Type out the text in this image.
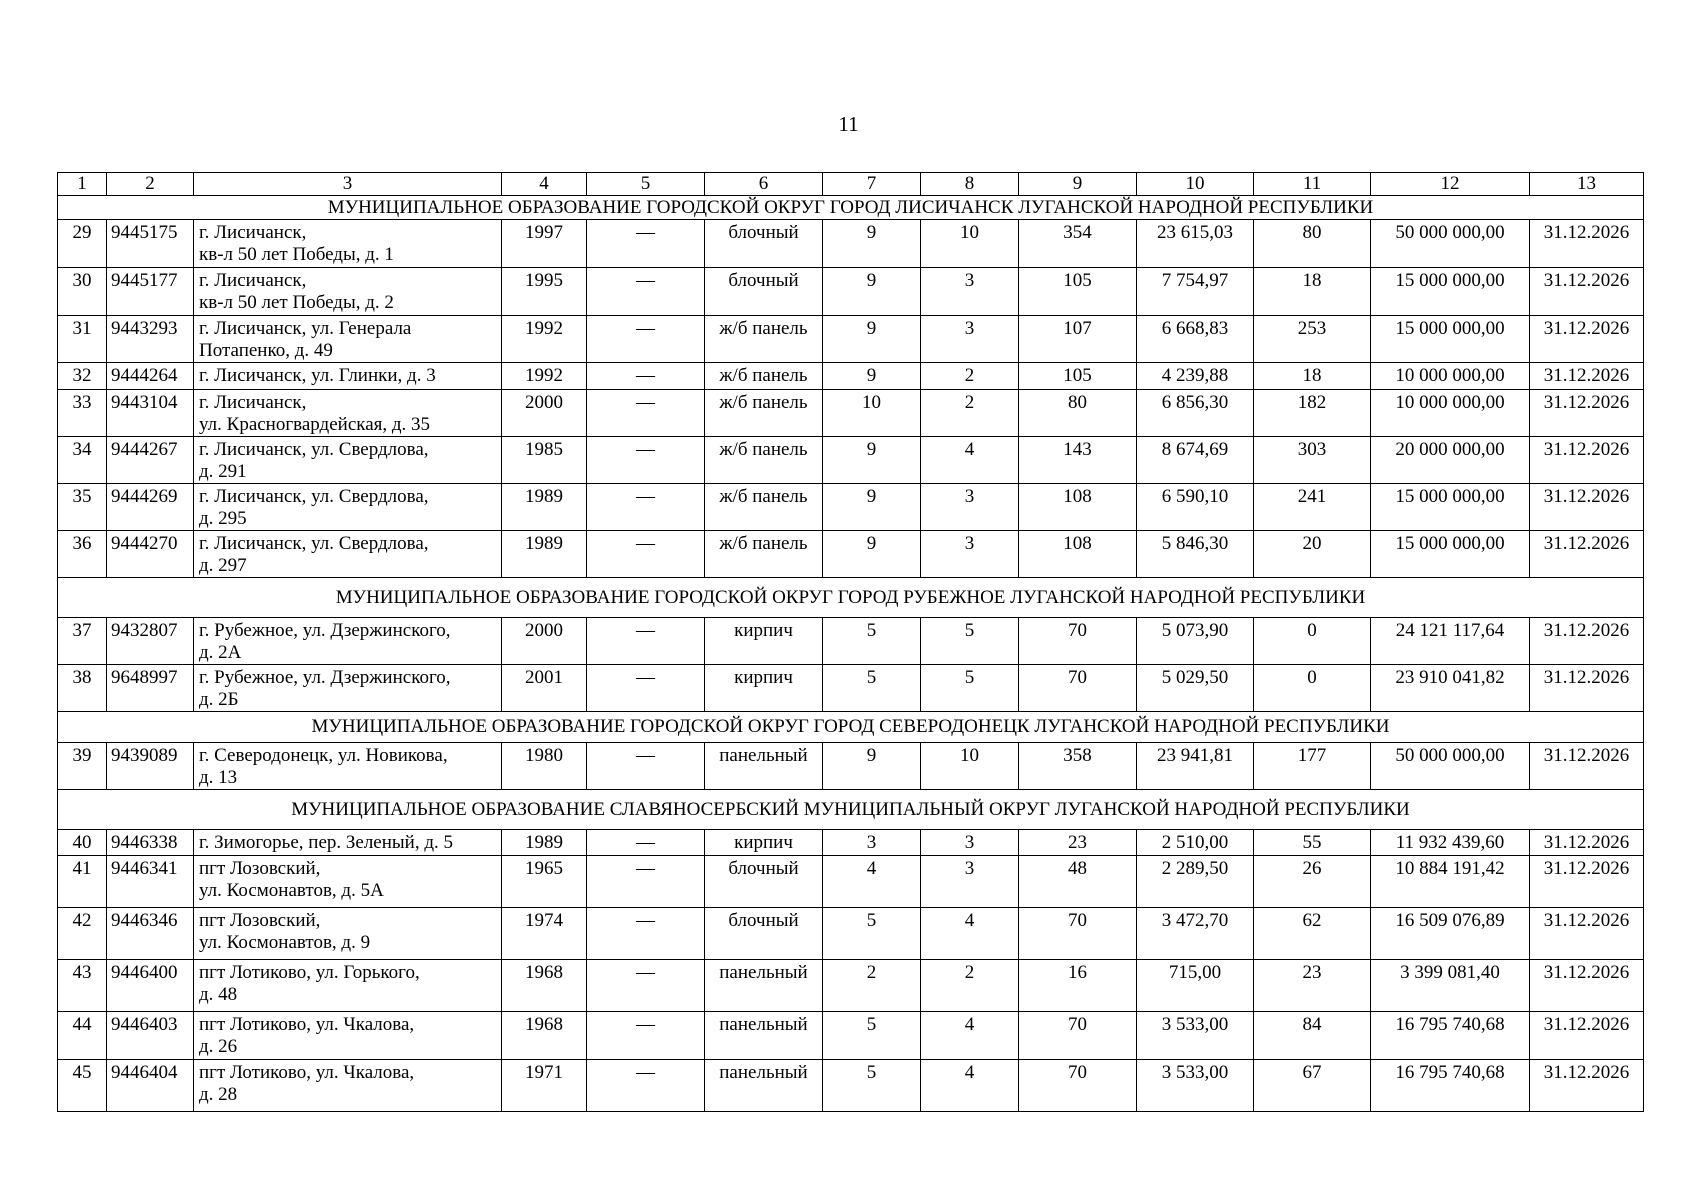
11
1	2	3	4	5	6	7	8	9	10	11	12	13
МУНИЦИПАЛЬНОЕ ОБРАЗОВАНИЕ ГОРОДСКОЙ ОКРУГ ГОРОД ЛИСИЧАНСК ЛУГАНСКОЙ НАРОДНОЙ РЕСПУБЛИКИ												
29	9445175	г. Лисичанск,
кв-л 50 лет Победы, д. 1	1997	—	блочный	9	10	354	23 615,03	80	50 000 000,00	31.12.2026
30	9445177	г. Лисичанск,
кв-л 50 лет Победы, д. 2	1995	—	блочный	9	3	105	7 754,97	18	15 000 000,00	31.12.2026
31	9443293	г. Лисичанск, ул. Генерала
Потапенко, д. 49	1992	—	ж/б панель	9	3	107	6 668,83	253	15 000 000,00	31.12.2026
32	9444264	г. Лисичанск, ул. Глинки, д. 3	1992	—	ж/б панель	9	2	105	4 239,88	18	10 000 000,00	31.12.2026
33	9443104	г. Лисичанск,
ул. Красногвардейская, д. 35	2000	—	ж/б панель	10	2	80	6 856,30	182	10 000 000,00	31.12.2026
34	9444267	г. Лисичанск, ул. Свердлова,
д. 291	1985	—	ж/б панель	9	4	143	8 674,69	303	20 000 000,00	31.12.2026
35	9444269	г. Лисичанск, ул. Свердлова,
д. 295	1989	—	ж/б панель	9	3	108	6 590,10	241	15 000 000,00	31.12.2026
36	9444270	г. Лисичанск, ул. Свердлова,
д. 297	1989	—	ж/б панель	9	3	108	5 846,30	20	15 000 000,00	31.12.2026
МУНИЦИПАЛЬНОЕ ОБРАЗОВАНИЕ ГОРОДСКОЙ ОКРУГ ГОРОД РУБЕЖНОЕ ЛУГАНСКОЙ НАРОДНОЙ РЕСПУБЛИКИ												
37	9432807	г. Рубежное, ул. Дзержинского,
д. 2А	2000	—	кирпич	5	5	70	5 073,90	0	24 121 117,64	31.12.2026
38	9648997	г. Рубежное, ул. Дзержинского,
д. 2Б	2001	—	кирпич	5	5	70	5 029,50	0	23 910 041,82	31.12.2026
МУНИЦИПАЛЬНОЕ ОБРАЗОВАНИЕ ГОРОДСКОЙ ОКРУГ ГОРОД СЕВЕРОДОНЕЦК ЛУГАНСКОЙ НАРОДНОЙ РЕСПУБЛИКИ												
39	9439089	г. Северодонецк, ул. Новикова,
д. 13	1980	—	панельный	9	10	358	23 941,81	177	50 000 000,00	31.12.2026
МУНИЦИПАЛЬНОЕ ОБРАЗОВАНИЕ СЛАВЯНОСЕРБСКИЙ МУНИЦИПАЛЬНЫЙ ОКРУГ ЛУГАНСКОЙ НАРОДНОЙ РЕСПУБЛИКИ												
40	9446338	г. Зимогорье, пер. Зеленый, д. 5	1989	—	кирпич	3	3	23	2 510,00	55	11 932 439,60	31.12.2026
41	9446341	пгт Лозовский,
ул. Космонавтов, д. 5А	1965	—	блочный	4	3	48	2 289,50	26	10 884 191,42	31.12.2026
42	9446346	пгт Лозовский,
ул. Космонавтов, д. 9	1974	—	блочный	5	4	70	3 472,70	62	16 509 076,89	31.12.2026
43	9446400	пгт Лотиково, ул. Горького,
д. 48	1968	—	панельный	2	2	16	715,00	23	3 399 081,40	31.12.2026
44	9446403	пгт Лотиково, ул. Чкалова,
д. 26	1968	—	панельный	5	4	70	3 533,00	84	16 795 740,68	31.12.2026
45	9446404	пгт Лотиково, ул. Чкалова,
д. 28	1971	—	панельный	5	4	70	3 533,00	67	16 795 740,68	31.12.2026
